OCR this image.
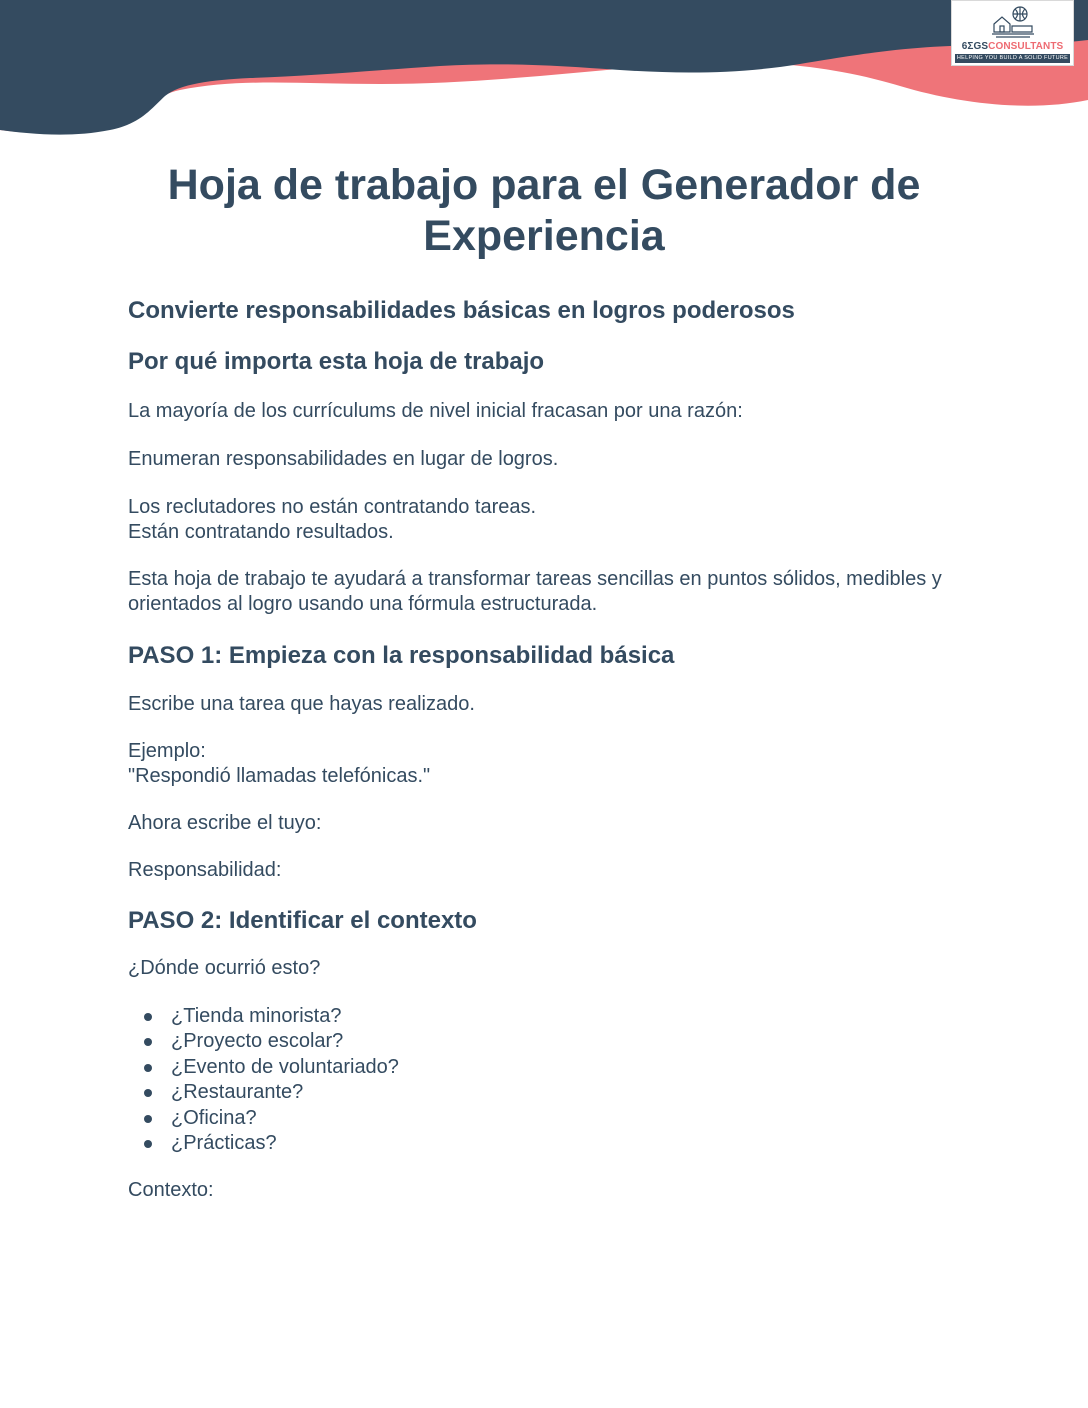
6ΣGSCONSULTANTS
HELPING YOU BUILD A SOLID FUTURE
Hoja de trabajo para el Generador de Experiencia
Convierte responsabilidades básicas en logros poderosos
Por qué importa esta hoja de trabajo

La mayoría de los currículums de nivel inicial fracasan por una razón:

Enumeran responsabilidades en lugar de logros.

Los reclutadores no están contratando tareas.

Están contratando resultados.

Esta hoja de trabajo te ayudará a transformar tareas sencillas en puntos sólidos, medibles y orientados al logro usando una fórmula estructurada.

PASO 1: Empieza con la responsabilidad básica

Escribe una tarea que hayas realizado.

Ejemplo:

"Respondió llamadas telefónicas."

Ahora escribe el tuyo:

Responsabilidad:

PASO 2: Identificar el contexto

¿Dónde ocurrió esto?

¿Tienda minorista?
¿Proyecto escolar?
¿Evento de voluntariado?
¿Restaurante?
¿Oficina?
¿Prácticas?

Contexto:
